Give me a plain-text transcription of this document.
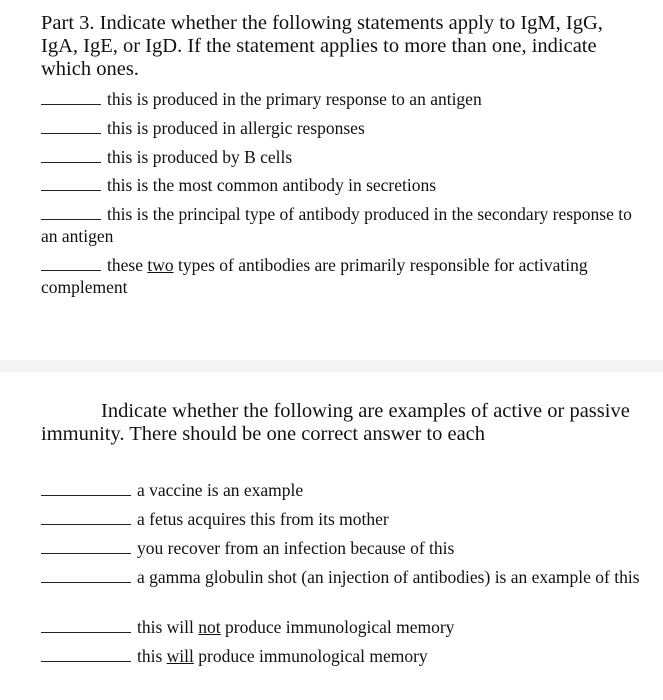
Part 3. Indicate whether the following statements apply to IgM, IgG, IgA, IgE, or IgD. If the statement applies to more than one, indicate which ones.

this is produced in the primary response to an antigen

this is produced in allergic responses

this is produced by B cells

this is the most common antibody in secretions

this is the principal type of antibody produced in the secondary response to an antigen

these two types of antibodies are primarily responsible for activating complement

Indicate whether the following are examples of active or passive immunity. There should be one correct answer to each

a vaccine is an example

a fetus acquires this from its mother

you recover from an infection because of this

a gamma globulin shot (an injection of antibodies) is an example of this

this will not produce immunological memory

this will produce immunological memory
